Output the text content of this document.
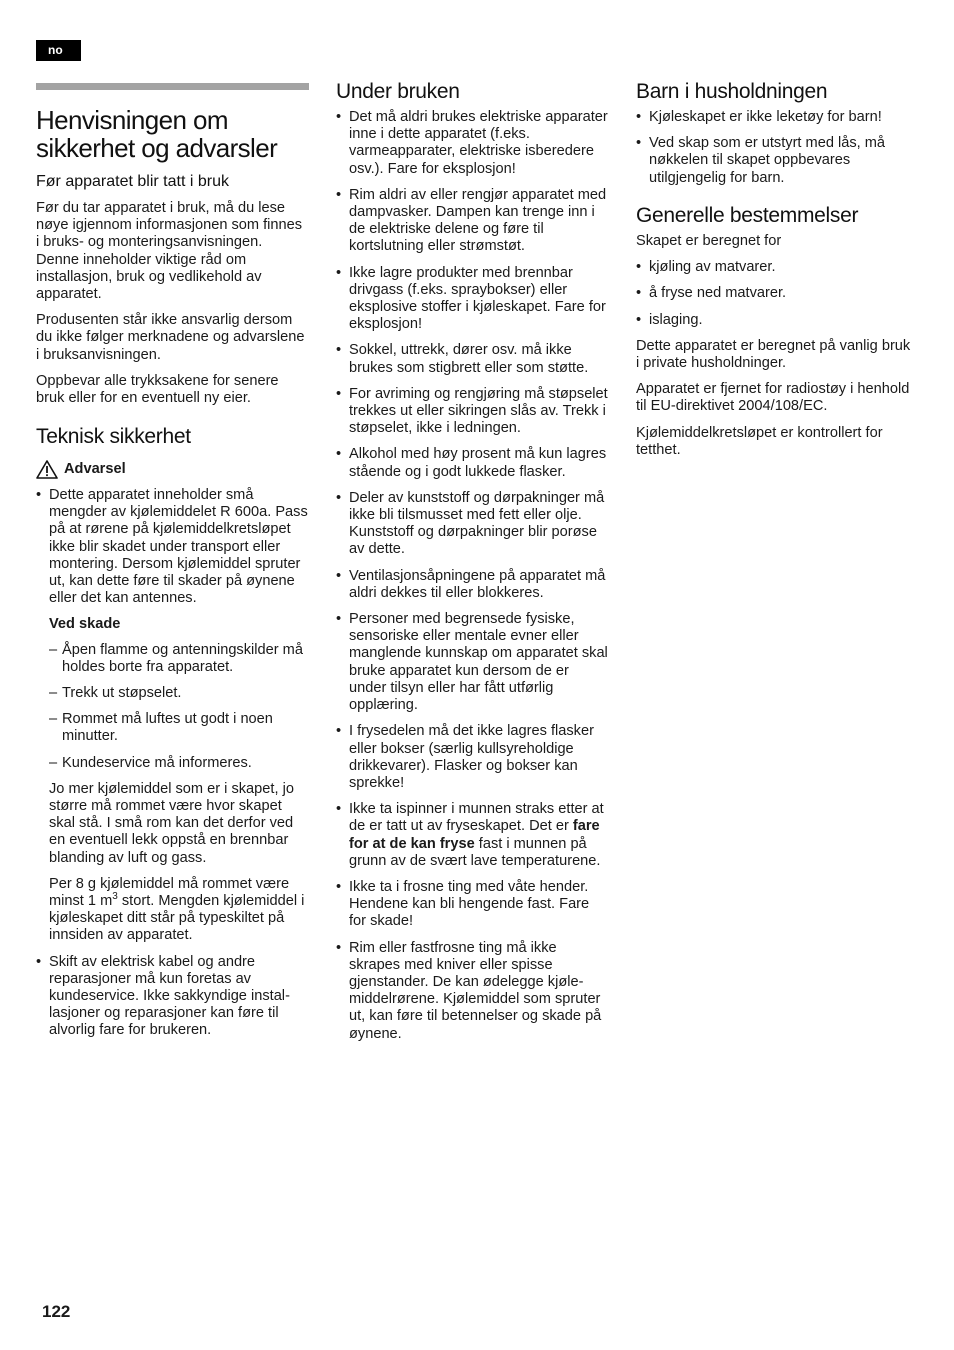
no
Henvisningen om sikkerhet og advarsler
Før apparatet blir tatt i bruk

Før du tar apparatet i bruk, må du lese nøye igjennom informasjonen som finnes i bruks- og monteringsanvisningen. Denne inneholder viktige råd om installasjon, bruk og vedlikehold av apparatet.

Produsenten står ikke ansvarlig dersom du ikke følger merknadene og advarslene i bruksanvisningen.

Oppbevar alle trykksakene for senere bruk eller for en eventuell ny eier.

Teknisk sikkerhet
Advarsel
• Dette apparatet inneholder små mengder av kjølemiddelet R 600a. Pass på at rørene på kjølemiddelkretsløpet ikke blir skadet under transport eller montering. Dersom kjølemiddel spruter ut, kan dette føre til skader på øynene eller det kan antennes.

Ved skade

– Åpen flamme og antenningskilder må holdes borte fra apparatet.
– Trekk ut støpselet.
– Rommet må luftes ut godt i noen minutter.
– Kundeservice må informeres.

Jo mer kjølemiddel som er i skapet, jo større må rommet være hvor skapet skal stå. I små rom kan det derfor ved en eventuell lekk oppstå en brennbar blanding av luft og gass.

Per 8 g kjølemiddel må rommet være minst 1 $m^3$ stort. Mengden kjølemiddel i kjøleskapet ditt står på typeskiltet på innsiden av apparatet.

• Skift av elektrisk kabel og andre reparasjoner må kun foretas av kundeservice. Ikke sakkyndige installasjoner og reparasjoner kan føre til alvorlig fare for brukeren.
Under bruken
• Det må aldri brukes elektriske apparater inne i dette apparatet (f.eks. varmeapparater, elektriske isberedere osv.). Fare for eksplosjon!
• Rim aldri av eller rengjør apparatet med dampvasker. Dampen kan trenge inn i de elektriske delene og føre til kortslutning eller strømstøt.
• Ikke lagre produkter med brennbar drivgass (f.eks. spraybokser) eller eksplosive stoffer i kjøleskapet. Fare for eksplosjon!
• Sokkel, uttrekk, dører osv. må ikke brukes som stigbrett eller som støtte.
• For avriming og rengjøring må støpselet trekkes ut eller sikringen slås av. Trekk i støpselet, ikke i ledningen.
• Alkohol med høy prosent må kun lagres stående og i godt lukkede flasker.
• Deler av kunststoff og dørpakninger må ikke bli tilsmusset med fett eller olje. Kunststoff og dørpakninger blir porøse av dette.
• Ventilasjonsåpningene på apparatet må aldri dekkes til eller blokkeres.
• Personer med begrensede fysiske, sensoriske eller mentale evner eller manglende kunnskap om apparatet skal bruke apparatet kun dersom de er under tilsyn eller har fått utførlig opplæring.
• I frysedelen må det ikke lagres flasker eller bokser (særlig kullsyreholdige drikkevarer). Flasker og bokser kan sprekke!
• Ikke ta ispinner i munnen straks etter at de er tatt ut av fryseskapet. Det er fare for at de kan fryse fast i munnen på grunn av de svært lave temperaturene.
• Ikke ta i frosne ting med våte hender. Hendene kan bli hengende fast. Fare for skade!
• Rim eller fastfrosne ting må ikke skrapes med kniver eller spisse gjenstander. De kan ødelegge kjølemiddelrørene. Kjølemiddel som spruter ut, kan føre til betennelser og skade på øynene.
Barn i husholdningen
• Kjøleskapet er ikke leketøy for barn!
• Ved skap som er utstyrt med lås, må nøkkelen til skapet oppbevares utilgjengelig for barn.
Generelle bestemmelser

Skapet er beregnet for

• kjøling av matvarer.
• å fryse ned matvarer.
• islaging.

Dette apparatet er beregnet på vanlig bruk i private husholdninger.

Apparatet er fjernet for radiostøy i henhold til EU-direktivet 2004/108/EC.

Kjølemiddelkretsløpet er kontrollert for tetthet.

122
